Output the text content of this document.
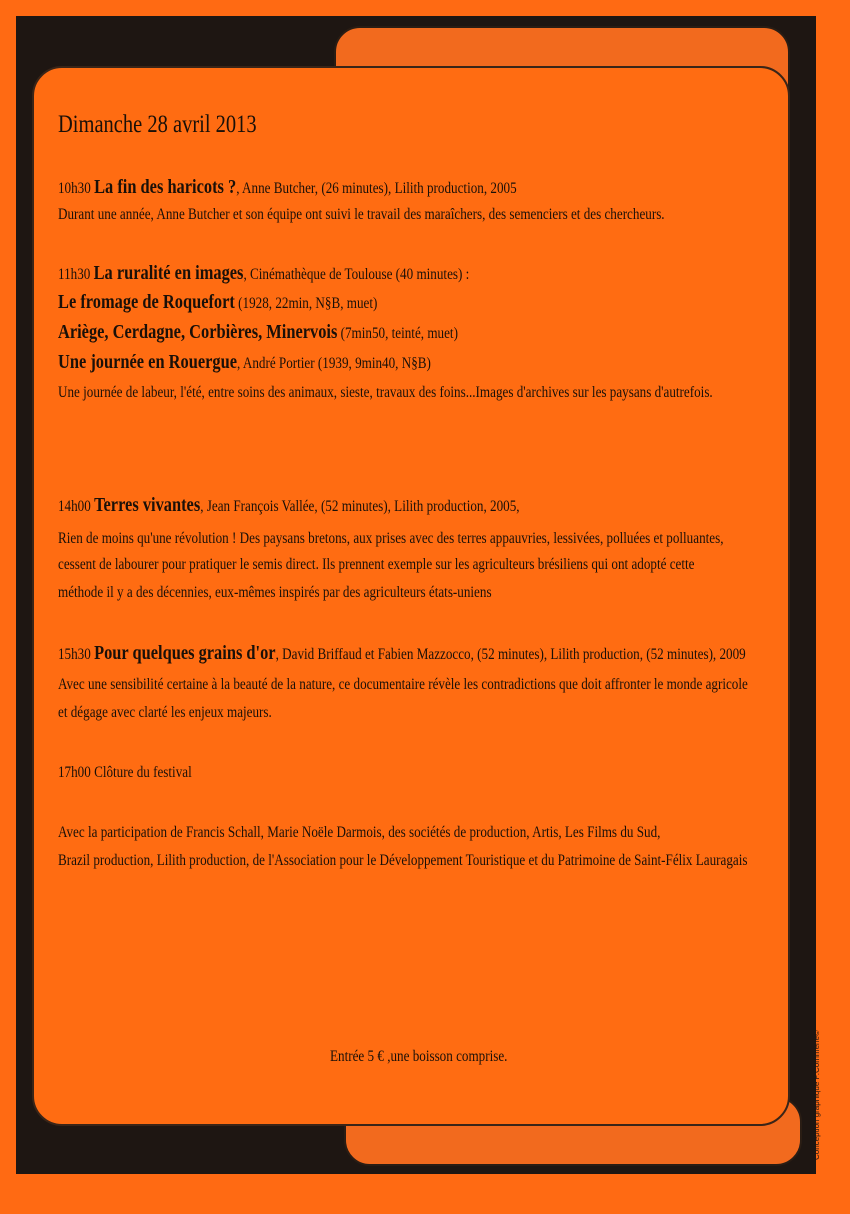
Dimanche 28 avril 2013

10h30 La fin des haricots ?, Anne Butcher, (26 minutes), Lilith production, 2005

Durant une année, Anne Butcher et son équipe ont suivi le travail des maraîchers, des semenciers et des chercheurs.

11h30 La ruralité en images, Cinémathèque de Toulouse (40 minutes) :

Le fromage de Roquefort (1928, 22min, N§B, muet)

Ariège, Cerdagne, Corbières, Minervois (7min50, teinté, muet)

Une journée en Rouergue, André Portier (1939, 9min40, N§B)

Une journée de labeur, l'été, entre soins des animaux, sieste, travaux des foins...Images d'archives sur les paysans d'autrefois.

14h00 Terres vivantes, Jean François Vallée, (52 minutes), Lilith production, 2005,

Rien de moins qu'une révolution ! Des paysans bretons, aux prises avec des terres appauvries, lessivées, polluées et polluantes,

cessent de labourer pour pratiquer le semis direct. Ils prennent exemple sur les agriculteurs brésiliens qui ont adopté cette

méthode il y a des décennies, eux-mêmes inspirés par des agriculteurs états-uniens

15h30 Pour quelques grains d'or, David Briffaud et Fabien Mazzocco, (52 minutes), Lilith production, (52 minutes), 2009

Avec une sensibilité certaine à la beauté de la nature, ce documentaire révèle les contradictions que doit affronter le monde agricole

et dégage avec clarté les enjeux majeurs.

17h00 Clôture du festival

Avec la participation de Francis Schall, Marie Noële Darmois, des sociétés de production, Artis, Les Films du Sud,

Brazil production, Lilith production, de l'Association pour le Développement Touristique et du Patrimoine de Saint-Félix Lauragais

Entrée 5 € ,une boisson comprise.	Conception graphique P.Commène©
